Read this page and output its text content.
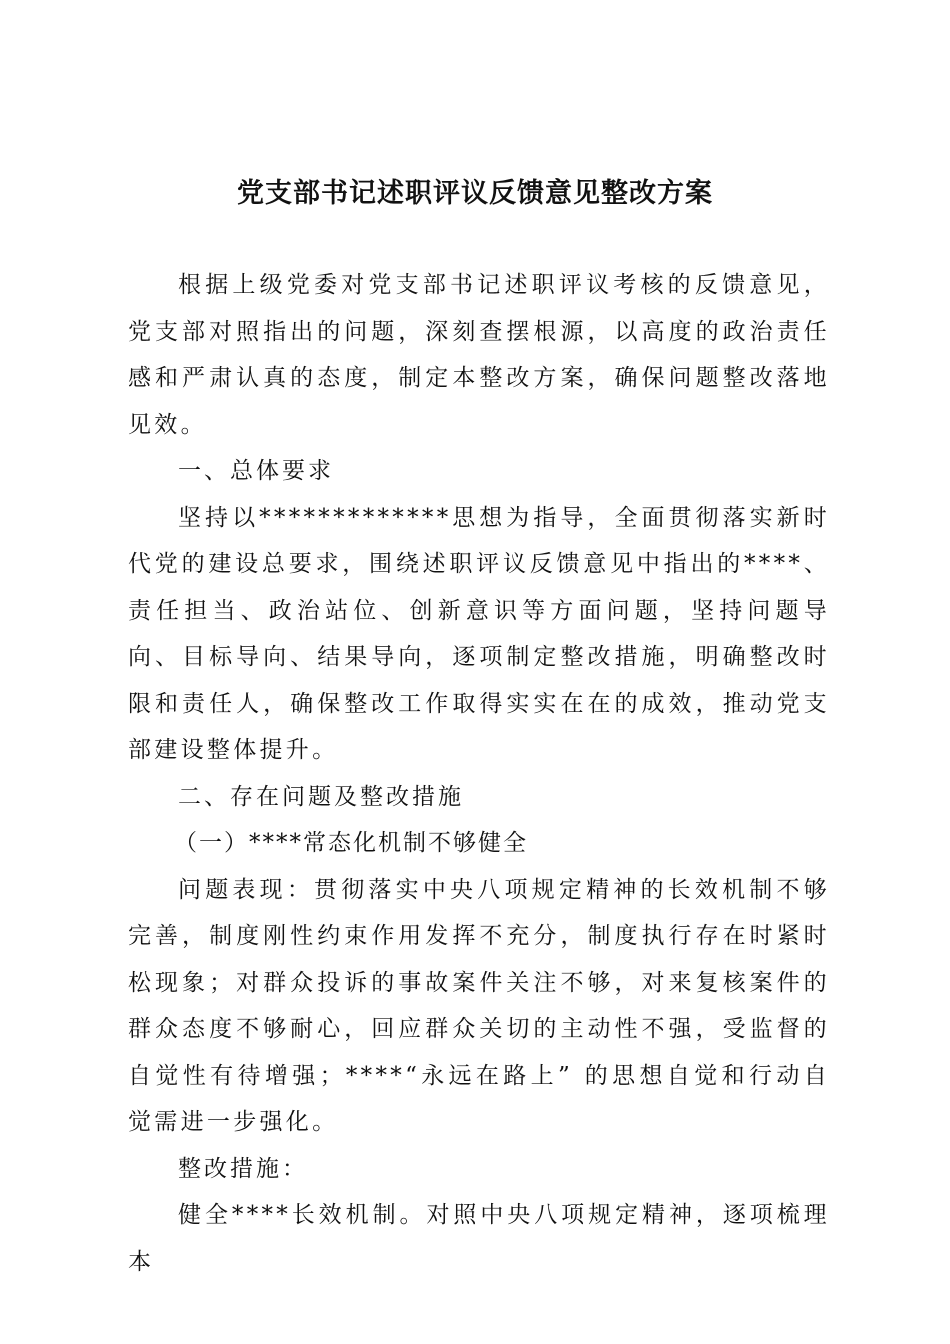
党支部书记述职评议反馈意见整改方案

根据上级党委对党支部书记述职评议考核的反馈意见，党支部对照指出的问题，深刻查摆根源，以高度的政治责任感和严肃认真的态度，制定本整改方案，确保问题整改落地见效。

一、总体要求

坚持以*************思想为指导，全面贯彻落实新时代党的建设总要求，围绕述职评议反馈意见中指出的****、责任担当、政治站位、创新意识等方面问题，坚持问题导向、目标导向、结果导向，逐项制定整改措施，明确整改时限和责任人，确保整改工作取得实实在在的成效，推动党支部建设整体提升。

二、存在问题及整改措施

（一）****常态化机制不够健全

问题表现：贯彻落实中央八项规定精神的长效机制不够完善，制度刚性约束作用发挥不充分，制度执行存在时紧时松现象；对群众投诉的事故案件关注不够，对来复核案件的群众态度不够耐心，回应群众关切的主动性不强，受监督的自觉性有待增强；****“永远在路上” 的思想自觉和行动自觉需进一步强化。

整改措施：

健全****长效机制。对照中央八项规定精神，逐项梳理本
